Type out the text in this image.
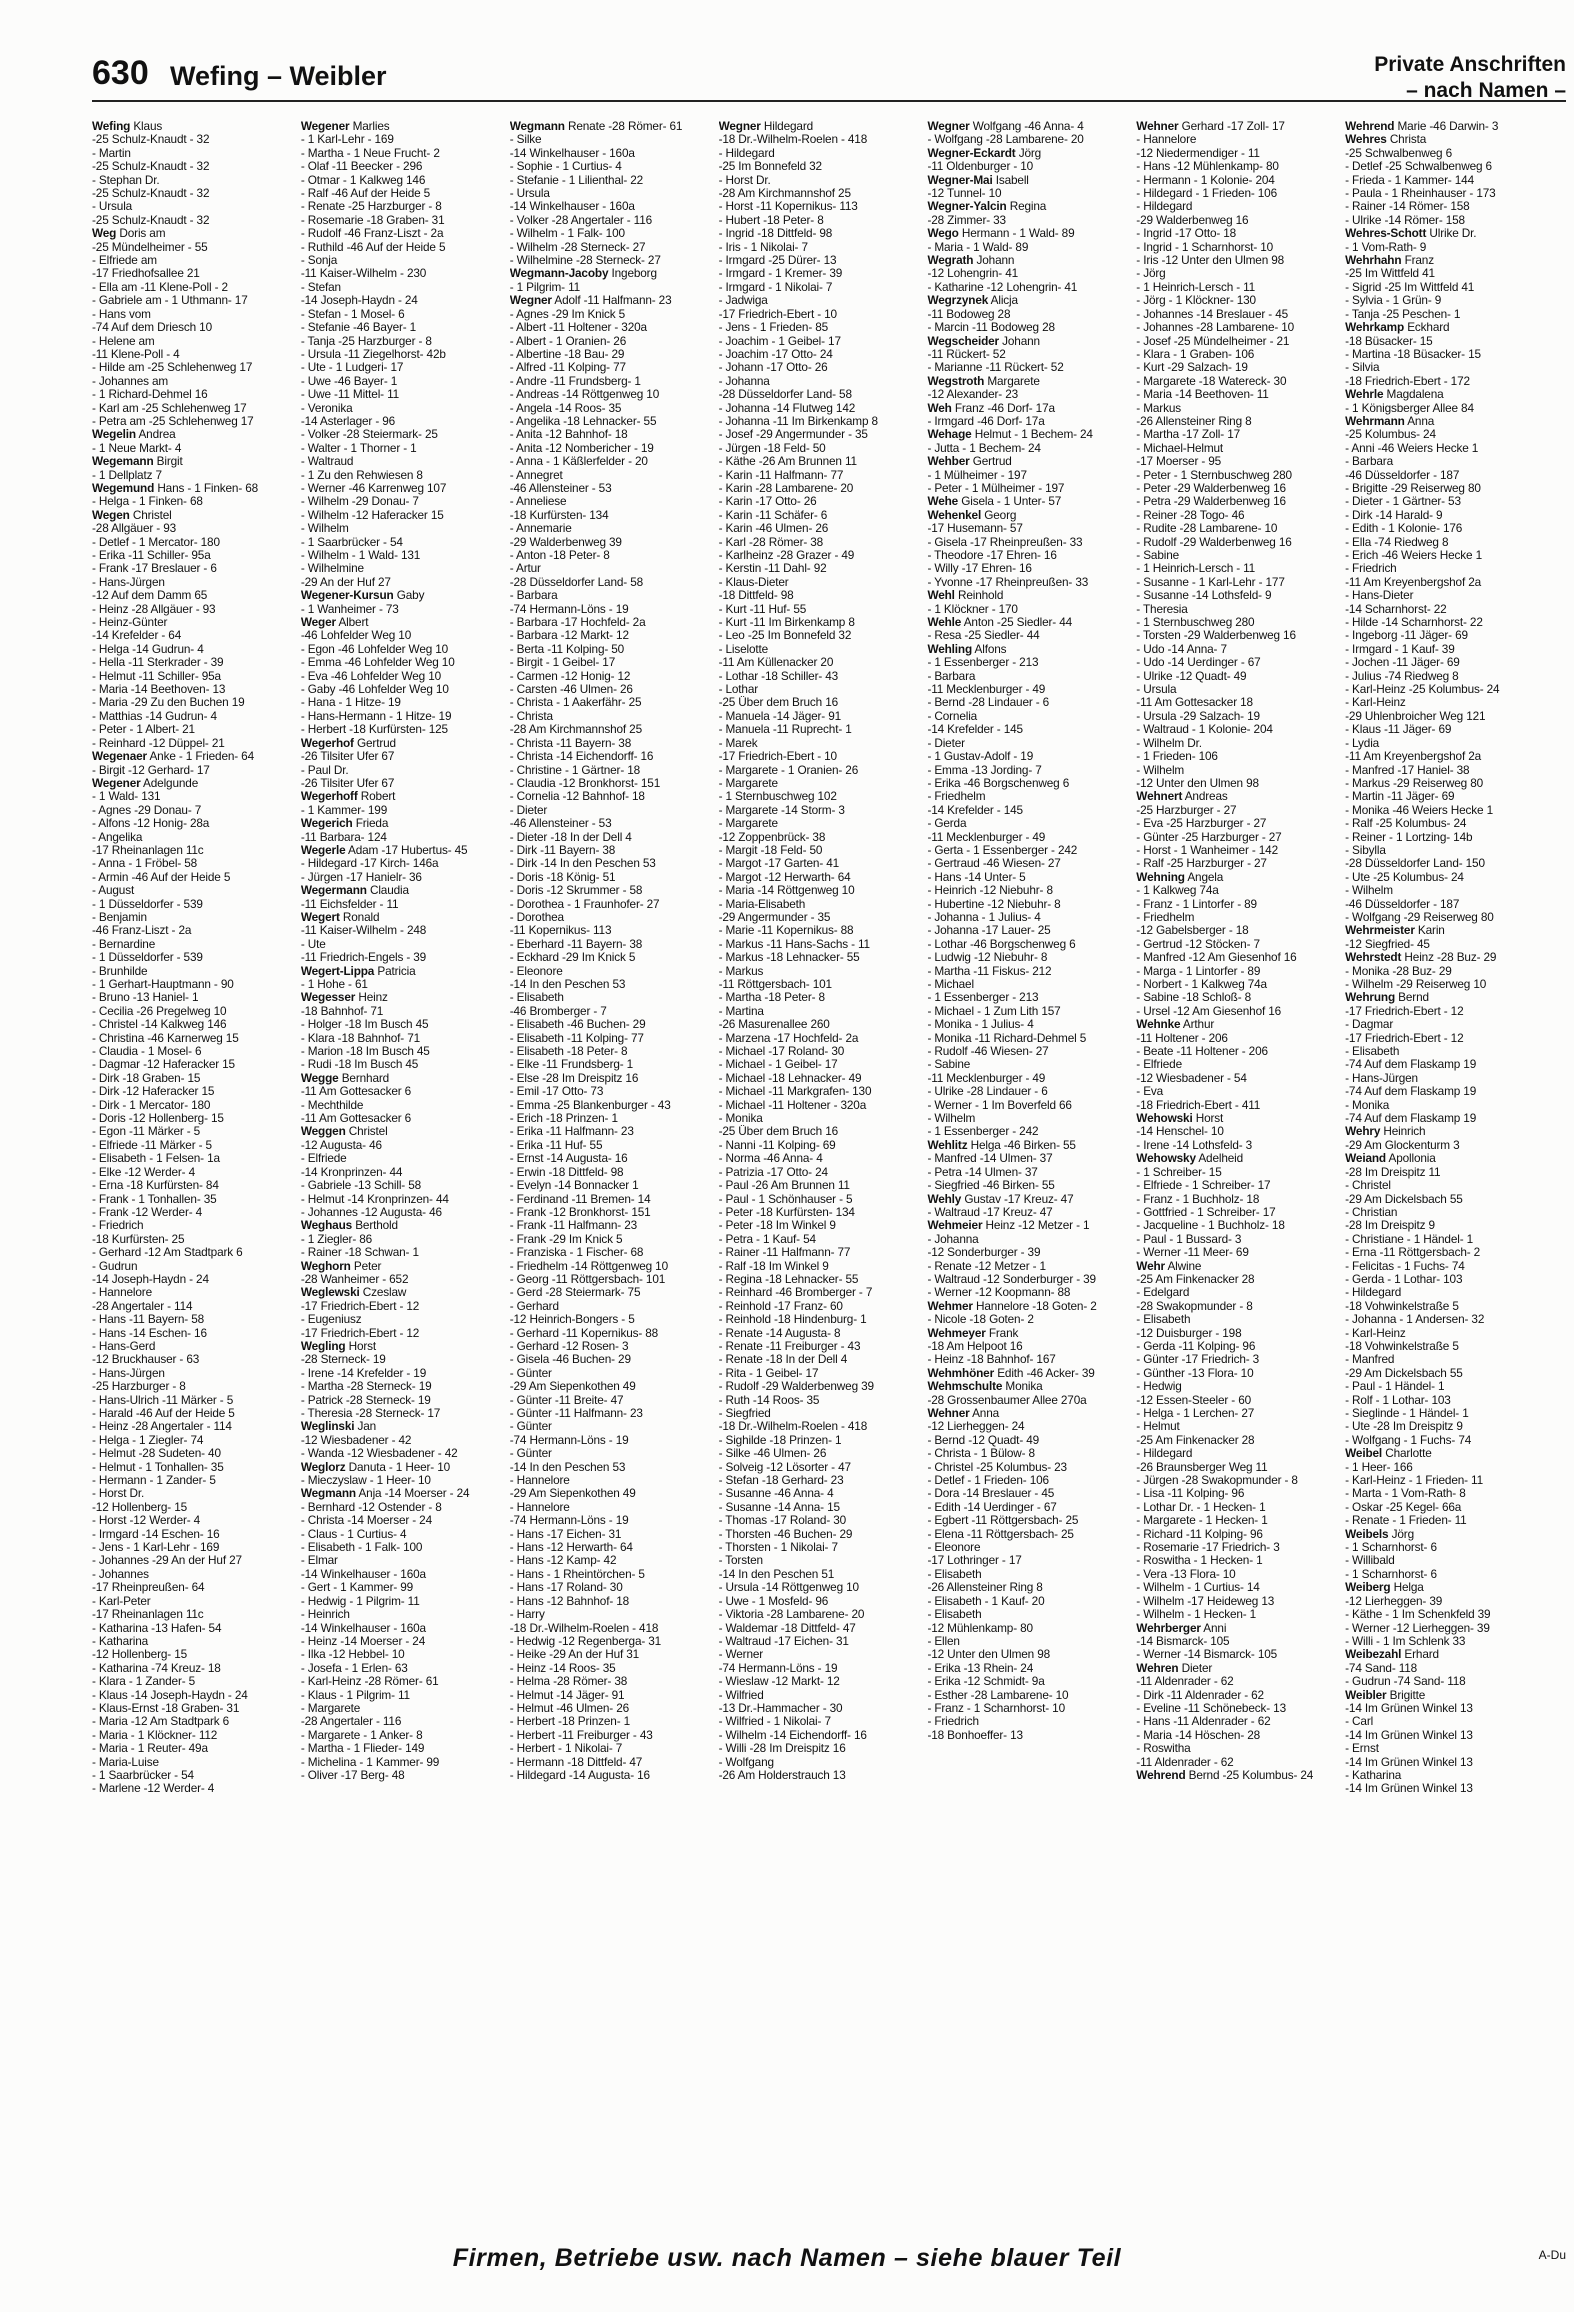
630 Wefing – Weibler	Private Anschriften
– nach Namen –
Wefing Klaus
-25 Schulz-Knaudt - 32
- Martin
-25 Schulz-Knaudt - 32
- Stephan Dr.
-25 Schulz-Knaudt - 32
- Ursula
-25 Schulz-Knaudt - 32
Weg Doris am
-25 Mündelheimer - 55
- Elfriede am
-17 Friedhofsallee 21
- Ella am -11 Klene-Poll - 2
- Gabriele am - 1 Uthmann- 17
- Hans vom
-74 Auf dem Driesch 10
- Helene am
-11 Klene-Poll - 4
- Hilde am -25 Schlehenweg 17
- Johannes am
- 1 Richard-Dehmel 16
- Karl am -25 Schlehenweg 17
- Petra am -25 Schlehenweg 17
Wegelin Andrea
- 1 Neue Markt- 4
Wegemann Birgit
- 1 Dellplatz 7
Wegemund Hans - 1 Finken- 68
- Helga - 1 Finken- 68
Wegen Christel
-28 Allgäuer - 93
- Detlef - 1 Mercator- 180
- Erika -11 Schiller- 95a
- Frank -17 Breslauer - 6
- Hans-Jürgen
-12 Auf dem Damm 65
- Heinz -28 Allgäuer - 93
- Heinz-Günter
-14 Krefelder - 64
- Helga -14 Gudrun- 4
- Hella -11 Sterkrader - 39
- Helmut -11 Schiller- 95a
- Maria -14 Beethoven- 13
- Maria -29 Zu den Buchen 19
- Matthias -14 Gudrun- 4
- Peter - 1 Albert- 21
- Reinhard -12 Düppel- 21
Wegenaer Anke - 1 Frieden- 64
- Birgit -12 Gerhard- 17
Wegener Adelgunde
- 1 Wald- 131
- Agnes -29 Donau- 7
- Alfons -12 Honig- 28a
- Angelika
-17 Rheinanlagen 11c
- Anna - 1 Fröbel- 58
- Armin -46 Auf der Heide 5
- August
- 1 Düsseldorfer - 539
- Benjamin
-46 Franz-Liszt - 2a
- Bernardine
- 1 Düsseldorfer - 539
- Brunhilde
- 1 Gerhart-Hauptmann - 90
- Bruno -13 Haniel- 1
- Cecilia -26 Pregelweg 10
- Christel -14 Kalkweg 146
- Christina -46 Karnerweg 15
- Claudia - 1 Mosel- 6
- Dagmar -12 Haferacker 15
- Dirk -18 Graben- 15
- Dirk -12 Haferacker 15
- Dirk - 1 Mercator- 180
- Doris -12 Hollenberg- 15
- Egon -11 Märker - 5
- Elfriede -11 Märker - 5
- Elisabeth - 1 Felsen- 1a
- Elke -12 Werder- 4
- Erna -18 Kurfürsten- 84
- Frank - 1 Tonhallen- 35
- Frank -12 Werder- 4
- Friedrich
-18 Kurfürsten- 25
- Gerhard -12 Am Stadtpark 6
- Gudrun
-14 Joseph-Haydn - 24
- Hannelore
-28 Angertaler - 114
- Hans -11 Bayern- 58
- Hans -14 Eschen- 16
- Hans-Gerd
-12 Bruckhauser - 63
- Hans-Jürgen
-25 Harzburger - 8
- Hans-Ulrich -11 Märker - 5
- Harald -46 Auf der Heide 5
- Heinz -28 Angertaler - 114
- Helga - 1 Ziegler- 74
- Helmut -28 Sudeten- 40
- Helmut - 1 Tonhallen- 35
- Hermann - 1 Zander- 5
- Horst Dr.
-12 Hollenberg- 15
- Horst -12 Werder- 4
- Irmgard -14 Eschen- 16
- Jens - 1 Karl-Lehr - 169
- Johannes -29 An der Huf 27
- Johannes
-17 Rheinpreußen- 64
- Karl-Peter
-17 Rheinanlagen 11c
- Katharina -13 Hafen- 54
- Katharina
-12 Hollenberg- 15
- Katharina -74 Kreuz- 18
- Klara - 1 Zander- 5
- Klaus -14 Joseph-Haydn - 24
- Klaus-Ernst -18 Graben- 31
- Maria -12 Am Stadtpark 6
- Maria - 1 Klöckner- 112
- Maria - 1 Reuter- 49a
- Maria-Luise
- 1 Saarbrücker - 54
- Marlene -12 Werder- 4
Wegener Marlies
- 1 Karl-Lehr - 169
- Martha - 1 Neue Frucht- 2
- Olaf -11 Beecker - 296
- Otmar - 1 Kalkweg 146
- Ralf -46 Auf der Heide 5
- Renate -25 Harzburger - 8
- Rosemarie -18 Graben- 31
- Rudolf -46 Franz-Liszt - 2a
- Ruthild -46 Auf der Heide 5
- Sonja
-11 Kaiser-Wilhelm - 230
- Stefan
-14 Joseph-Haydn - 24
- Stefan - 1 Mosel- 6
- Stefanie -46 Bayer- 1
- Tanja -25 Harzburger - 8
- Ursula -11 Ziegelhorst- 42b
- Ute - 1 Ludgeri- 17
- Uwe -46 Bayer- 1
- Uwe -11 Mittel- 11
- Veronika
-14 Asterlager - 96
- Volker -28 Steiermark- 25
- Walter - 1 Thorner - 1
- Waltraud
- 1 Zu den Rehwiesen 8
- Werner -46 Karrenweg 107
- Wilhelm -29 Donau- 7
- Wilhelm -12 Haferacker 15
- Wilhelm
- 1 Saarbrücker - 54
- Wilhelm - 1 Wald- 131
- Wilhelmine
-29 An der Huf 27
Wegener-Kursun Gaby
- 1 Wanheimer - 73
Weger Albert
-46 Lohfelder Weg 10
- Egon -46 Lohfelder Weg 10
- Emma -46 Lohfelder Weg 10
- Eva -46 Lohfelder Weg 10
- Gaby -46 Lohfelder Weg 10
- Hana - 1 Hitze- 19
- Hans-Hermann - 1 Hitze- 19
- Herbert -18 Kurfürsten- 125
Wegerhof Gertrud
-26 Tilsiter Ufer 67
- Paul Dr.
-26 Tilsiter Ufer 67
Wegerhoff Robert
- 1 Kammer- 199
Wegerich Frieda
-11 Barbara- 124
Wegerle Adam -17 Hubertus- 45
- Hildegard -17 Kirch- 146a
- Jürgen -17 Hanielr- 36
Wegermann Claudia
-11 Eichsfelder - 11
Wegert Ronald
-11 Kaiser-Wilhelm - 248
- Ute
-11 Friedrich-Engels - 39
Wegert-Lippa Patricia
- 1 Hohe - 61
Wegesser Heinz
-18 Bahnhof- 71
- Holger -18 Im Busch 45
- Klara -18 Bahnhof- 71
- Marion -18 Im Busch 45
- Rudi -18 Im Busch 45
Wegge Bernhard
-11 Am Gottesacker 6
- Mechthilde
-11 Am Gottesacker 6
Weggen Christel
-12 Augusta- 46
- Elfriede
-14 Kronprinzen- 44
- Gabriele -13 Schill- 58
- Helmut -14 Kronprinzen- 44
- Johannes -12 Augusta- 46
Weghaus Berthold
- 1 Ziegler- 86
- Rainer -18 Schwan- 1
Weghorn Peter
-28 Wanheimer - 652
Weglewski Czeslaw
-17 Friedrich-Ebert - 12
- Eugeniusz
-17 Friedrich-Ebert - 12
Wegling Horst
-28 Sterneck- 19
- Irene -14 Krefelder - 19
- Martha -28 Sterneck- 19
- Patrick -28 Sterneck- 19
- Theresia -28 Sterneck- 17
Weglinski Jan
-12 Wiesbadener - 42
- Wanda -12 Wiesbadener - 42
Weglorz Danuta - 1 Heer- 10
- Mieczyslaw - 1 Heer- 10
Wegmann Anja -14 Moerser - 24
- Bernhard -12 Ostender - 8
- Christa -14 Moerser - 24
- Claus - 1 Curtius- 4
- Elisabeth - 1 Falk- 100
- Elmar
-14 Winkelhauser - 160a
- Gert - 1 Kammer- 99
- Hedwig - 1 Pilgrim- 11
- Heinrich
-14 Winkelhauser - 160a
- Heinz -14 Moerser - 24
- Ilka -12 Hebbel- 10
- Josefa - 1 Erlen- 63
- Karl-Heinz -28 Römer- 61
- Klaus - 1 Pilgrim- 11
- Margarete
-28 Angertaler - 116
- Margarete - 1 Anker- 8
- Martha - 1 Flieder- 149
- Michelina - 1 Kammer- 99
- Oliver -17 Berg- 48
Wegmann Renate -28 Römer- 61
- Silke
-14 Winkelhauser - 160a
- Sophie - 1 Curtius- 4
- Stefanie - 1 Lilienthal- 22
- Ursula
-14 Winkelhauser - 160a
- Volker -28 Angertaler - 116
- Wilhelm - 1 Falk- 100
- Wilhelm -28 Sterneck- 27
- Wilhelmine -28 Sterneck- 27
Wegmann-Jacoby Ingeborg
- 1 Pilgrim- 11
Wegner Adolf -11 Halfmann- 23
- Agnes -29 Im Knick 5
- Albert -11 Holtener - 320a
- Albert - 1 Oranien- 26
- Albertine -18 Bau- 29
- Alfred -11 Kolping- 77
- Andre -11 Frundsberg- 1
- Andreas -14 Röttgenweg 10
- Angela -14 Roos- 35
- Angelika -18 Lehnacker- 55
- Anita -12 Bahnhof- 18
- Anita -12 Nombericher - 19
- Anna - 1 Käßlerfelder - 20
- Annegret
-46 Allensteiner - 53
- Anneliese
-18 Kurfürsten- 134
- Annemarie
-29 Walderbenweg 39
- Anton -18 Peter- 8
- Artur
-28 Düsseldorfer Land- 58
- Barbara
-74 Hermann-Löns - 19
- Barbara -17 Hochfeld- 2a
- Barbara -12 Markt- 12
- Berta -11 Kolping- 50
- Birgit - 1 Geibel- 17
- Carmen -12 Honig- 12
- Carsten -46 Ulmen- 26
- Christa - 1 Aakerfähr- 25
- Christa
-28 Am Kirchmannshof 25
- Christa -11 Bayern- 38
- Christa -14 Eichendorff- 16
- Christine - 1 Gärtner- 18
- Claudia -12 Bronkhorst- 151
- Cornelia -12 Bahnhof- 18
- Dieter
-46 Allensteiner - 53
- Dieter -18 In der Dell 4
- Dirk -11 Bayern- 38
- Dirk -14 In den Peschen 53
- Doris -18 König- 51
- Doris -12 Skrummer - 58
- Dorothea - 1 Fraunhofer- 27
- Dorothea
-11 Kopernikus- 113
- Eberhard -11 Bayern- 38
- Eckhard -29 Im Knick 5
- Eleonore
-14 In den Peschen 53
- Elisabeth
-46 Bromberger - 7
- Elisabeth -46 Buchen- 29
- Elisabeth -11 Kolping- 77
- Elisabeth -18 Peter- 8
- Elke -11 Frundsberg- 1
- Else -28 Im Dreispitz 16
- Emil -17 Otto- 73
- Emma -25 Blankenburger - 43
- Erich -18 Prinzen- 1
- Erika -11 Halfmann- 23
- Erika -11 Huf- 55
- Ernst -14 Augusta- 16
- Erwin -18 Dittfeld- 98
- Evelyn -14 Bonnacker 1
- Ferdinand -11 Bremen- 14
- Frank -12 Bronkhorst- 151
- Frank -11 Halfmann- 23
- Frank -29 Im Knick 5
- Franziska - 1 Fischer- 68
- Friedhelm -14 Röttgenweg 10
- Georg -11 Röttgersbach- 101
- Gerd -28 Steiermark- 75
- Gerhard
-12 Heinrich-Bongers - 5
- Gerhard -11 Kopernikus- 88
- Gerhard -12 Rosen- 3
- Gisela -46 Buchen- 29
- Günter
-29 Am Siepenkothen 49
- Günter -11 Breite- 47
- Günter -11 Halfmann- 23
- Günter
-74 Hermann-Löns - 19
- Günter
-14 In den Peschen 53
- Hannelore
-29 Am Siepenkothen 49
- Hannelore
-74 Hermann-Löns - 19
- Hans -17 Eichen- 31
- Hans -12 Herwarth- 64
- Hans -12 Kamp- 42
- Hans - 1 Rheintörchen- 5
- Hans -17 Roland- 30
- Hans -12 Bahnhof- 18
- Harry
-18 Dr.-Wilhelm-Roelen - 418
- Hedwig -12 Regenberga- 31
- Heike -29 An der Huf 31
- Heinz -14 Roos- 35
- Helma -28 Römer- 38
- Helmut -14 Jäger- 91
- Helmut -46 Ulmen- 26
- Herbert -18 Prinzen- 1
- Herbert -11 Freiburger - 43
- Herbert - 1 Nikolai- 7
- Hermann -18 Dittfeld- 47
- Hildegard -14 Augusta- 16
Wegner Hildegard
-18 Dr.-Wilhelm-Roelen - 418
- Hildegard
-25 Im Bonnefeld 32
- Horst Dr.
-28 Am Kirchmannshof 25
- Horst -11 Kopernikus- 113
- Hubert -18 Peter- 8
- Ingrid -18 Dittfeld- 98
- Iris - 1 Nikolai- 7
- Irmgard -25 Dürer- 13
- Irmgard - 1 Kremer- 39
- Irmgard - 1 Nikolai- 7
- Jadwiga
-17 Friedrich-Ebert - 10
- Jens - 1 Frieden- 85
- Joachim - 1 Geibel- 17
- Joachim -17 Otto- 24
- Johann -17 Otto- 26
- Johanna
-28 Düsseldorfer Land- 58
- Johanna -14 Flutweg 142
- Johanna -11 Im Birkenkamp 8
- Josef -29 Angermunder - 35
- Jürgen -18 Feld- 50
- Käthe -26 Am Brunnen 11
- Karin -11 Halfmann- 77
- Karin -28 Lambarene- 20
- Karin -17 Otto- 26
- Karin -11 Schäfer- 6
- Karin -46 Ulmen- 26
- Karl -28 Römer- 38
- Karlheinz -28 Grazer - 49
- Kerstin -11 Dahl- 92
- Klaus-Dieter
-18 Dittfeld- 98
- Kurt -11 Huf- 55
- Kurt -11 Im Birkenkamp 8
- Leo -25 Im Bonnefeld 32
- Liselotte
-11 Am Küllenacker 20
- Lothar -18 Schiller- 43
- Lothar
-25 Über dem Bruch 16
- Manuela -14 Jäger- 91
- Manuela -11 Ruprecht- 1
- Marek
-17 Friedrich-Ebert - 10
- Margarete - 1 Oranien- 26
- Margarete
- 1 Sternbuschweg 102
- Margarete -14 Storm- 3
- Margarete
-12 Zoppenbrück- 38
- Margit -18 Feld- 50
- Margot -17 Garten- 41
- Margot -12 Herwarth- 64
- Maria -14 Röttgenweg 10
- Maria-Elisabeth
-29 Angermunder - 35
- Marie -11 Kopernikus- 88
- Markus -11 Hans-Sachs - 11
- Markus -18 Lehnacker- 55
- Markus
-11 Röttgersbach- 101
- Martha -18 Peter- 8
- Martina
-26 Masurenallee 260
- Marzena -17 Hochfeld- 2a
- Michael -17 Roland- 30
- Michael - 1 Geibel- 17
- Michael -18 Lehnacker- 49
- Michael -11 Markgrafen- 130
- Michael -11 Holtener - 320a
- Monika
-25 Über dem Bruch 16
- Nanni -11 Kolping- 69
- Norma -46 Anna- 4
- Patrizia -17 Otto- 24
- Paul -26 Am Brunnen 11
- Paul - 1 Schönhauser - 5
- Peter -18 Kurfürsten- 134
- Peter -18 Im Winkel 9
- Petra - 1 Kauf- 54
- Rainer -11 Halfmann- 77
- Ralf -18 Im Winkel 9
- Regina -18 Lehnacker- 55
- Reinhard -46 Bromberger - 7
- Reinhold -17 Franz- 60
- Reinhold -18 Hindenburg- 1
- Renate -14 Augusta- 8
- Renate -11 Freiburger - 43
- Renate -18 In der Dell 4
- Rita - 1 Geibel- 17
- Rudolf -29 Walderbenweg 39
- Ruth -14 Roos- 35
- Siegfried
-18 Dr.-Wilhelm-Roelen - 418
- Sighilde -18 Prinzen- 1
- Silke -46 Ulmen- 26
- Solveig -12 Lösorter - 47
- Stefan -18 Gerhard- 23
- Susanne -46 Anna- 4
- Susanne -14 Anna- 15
- Thomas -17 Roland- 30
- Thorsten -46 Buchen- 29
- Thorsten - 1 Nikolai- 7
- Torsten
-14 In den Peschen 51
- Ursula -14 Röttgenweg 10
- Uwe - 1 Mosfeld- 96
- Viktoria -28 Lambarene- 20
- Waldemar -18 Dittfeld- 47
- Waltraud -17 Eichen- 31
- Werner
-74 Hermann-Löns - 19
- Wieslaw -12 Markt- 12
- Wilfried
-13 Dr.-Hammacher - 30
- Wilfried - 1 Nikolai- 7
- Wilhelm -14 Eichendorff- 16
- Willi -28 Im Dreispitz 16
- Wolfgang
-26 Am Holderstrauch 13
Wegner Wolfgang -46 Anna- 4
- Wolfgang -28 Lambarene- 20
Wegner-Eckardt Jörg
-11 Oldenburger - 10
Wegner-Mai Isabell
-12 Tunnel- 10
Wegner-Yalcin Regina
-28 Zimmer- 33
Wego Hermann - 1 Wald- 89
- Maria - 1 Wald- 89
Wegrath Johann
-12 Lohengrin- 41
- Katharine -12 Lohengrin- 41
Wegrzynek Alicja
-11 Bodoweg 28
- Marcin -11 Bodoweg 28
Wegscheider Johann
-11 Rückert- 52
- Marianne -11 Rückert- 52
Wegstroth Margarete
-12 Alexander- 23
Weh Franz -46 Dorf- 17a
- Irmgard -46 Dorf- 17a
Wehage Helmut - 1 Bechem- 24
- Jutta - 1 Bechem- 24
Wehber Gertrud
- 1 Mülheimer - 197
- Peter - 1 Mülheimer - 197
Wehe Gisela - 1 Unter- 57
Wehenkel Georg
-17 Husemann- 57
- Gisela -17 Rheinpreußen- 33
- Theodore -17 Ehren- 16
- Willy -17 Ehren- 16
- Yvonne -17 Rheinpreußen- 33
Wehl Reinhold
- 1 Klöckner - 170
Wehle Anton -25 Siedler- 44
- Resa -25 Siedler- 44
Wehling Alfons
- 1 Essenberger - 213
- Barbara
-11 Mecklenburger - 49
- Bernd -28 Lindauer - 6
- Cornelia
-14 Krefelder - 145
- Dieter
- 1 Gustav-Adolf - 19
- Emma -13 Jording- 7
- Erika -46 Borgschenweg 6
- Friedhelm
-14 Krefelder - 145
- Gerda
-11 Mecklenburger - 49
- Gerta - 1 Essenberger - 242
- Gertraud -46 Wiesen- 27
- Hans -14 Unter- 5
- Heinrich -12 Niebuhr- 8
- Hubertine -12 Niebuhr- 8
- Johanna - 1 Julius- 4
- Johanna -17 Lauer- 25
- Lothar -46 Borgschenweg 6
- Ludwig -12 Niebuhr- 8
- Martha -11 Fiskus- 212
- Michael
- 1 Essenberger - 213
- Michael - 1 Zum Lith 157
- Monika - 1 Julius- 4
- Monika -11 Richard-Dehmel 5
- Rudolf -46 Wiesen- 27
- Sabine
-11 Mecklenburger - 49
- Ulrike -28 Lindauer - 6
- Werner - 1 Im Boverfeld 66
- Wilhelm
- 1 Essenberger - 242
Wehlitz Helga -46 Birken- 55
- Manfred -14 Ulmen- 37
- Petra -14 Ulmen- 37
- Siegfried -46 Birken- 55
Wehly Gustav -17 Kreuz- 47
- Waltraud -17 Kreuz- 47
Wehmeier Heinz -12 Metzer - 1
- Johanna
-12 Sonderburger - 39
- Renate -12 Metzer - 1
- Waltraud -12 Sonderburger - 39
- Werner -12 Koopmann- 88
Wehmer Hannelore -18 Goten- 2
- Nicole -18 Goten- 2
Wehmeyer Frank
-18 Am Helpoot 16
- Heinz -18 Bahnhof- 167
Wehmhöner Edith -46 Acker- 39
Wehmschulte Monika
-28 Grossenbaumer Allee 270a
Wehner Anna
-12 Lierheggen- 24
- Bernd -12 Quadt- 49
- Christa - 1 Bülow- 8
- Christel -25 Kolumbus- 23
- Detlef - 1 Frieden- 106
- Dora -14 Breslauer - 45
- Edith -14 Uerdinger - 67
- Egbert -11 Röttgersbach- 25
- Elena -11 Röttgersbach- 25
- Eleonore
-17 Lothringer - 17
- Elisabeth
-26 Allensteiner Ring 8
- Elisabeth - 1 Kauf- 20
- Elisabeth
-12 Mühlenkamp- 80
- Ellen
-12 Unter den Ulmen 98
- Erika -13 Rhein- 24
- Erika -12 Schmidt- 9a
- Esther -28 Lambarene- 10
- Franz - 1 Scharnhorst- 10
- Friedrich
-18 Bonhoeffer- 13
Wehner Gerhard -17 Zoll- 17
- Hannelore
-12 Niedermendiger - 11
- Hans -12 Mühlenkamp- 80
- Hermann - 1 Kolonie- 204
- Hildegard - 1 Frieden- 106
- Hildegard
-29 Walderbenweg 16
- Ingrid -17 Otto- 18
- Ingrid - 1 Scharnhorst- 10
- Iris -12 Unter den Ulmen 98
- Jörg
- 1 Heinrich-Lersch - 11
- Jörg - 1 Klöckner- 130
- Johannes -14 Breslauer - 45
- Johannes -28 Lambarene- 10
- Josef -25 Mündelheimer - 21
- Klara - 1 Graben- 106
- Kurt -29 Salzach- 19
- Margarete -18 Watereck- 30
- Maria -14 Beethoven- 11
- Markus
-26 Allensteiner Ring 8
- Martha -17 Zoll- 17
- Michael-Helmut
-17 Moerser - 95
- Peter - 1 Sternbuschweg 280
- Peter -29 Walderbenweg 16
- Petra -29 Walderbenweg 16
- Reiner -28 Togo- 46
- Rudite -28 Lambarene- 10
- Rudolf -29 Walderbenweg 16
- Sabine
- 1 Heinrich-Lersch - 11
- Susanne - 1 Karl-Lehr - 177
- Susanne -14 Lothsfeld- 9
- Theresia
- 1 Sternbuschweg 280
- Torsten -29 Walderbenweg 16
- Udo -14 Anna- 7
- Udo -14 Uerdinger - 67
- Ulrike -12 Quadt- 49
- Ursula
-11 Am Gottesacker 18
- Ursula -29 Salzach- 19
- Waltraud - 1 Kolonie- 204
- Wilhelm Dr.
- 1 Frieden- 106
- Wilhelm
-12 Unter den Ulmen 98
Wehnert Andreas
-25 Harzburger - 27
- Eva -25 Harzburger - 27
- Günter -25 Harzburger - 27
- Horst - 1 Wanheimer - 142
- Ralf -25 Harzburger - 27
Wehning Angela
- 1 Kalkweg 74a
- Franz - 1 Lintorfer - 89
- Friedhelm
-12 Gabelsberger - 18
- Gertrud -12 Stöcken- 7
- Manfred -12 Am Giesenhof 16
- Marga - 1 Lintorfer - 89
- Norbert - 1 Kalkweg 74a
- Sabine -18 Schloß- 8
- Ursel -12 Am Giesenhof 16
Wehnke Arthur
-11 Holtener - 206
- Beate -11 Holtener - 206
- Elfriede
-12 Wiesbadener - 54
- Eva
-18 Friedrich-Ebert - 411
Wehowski Horst
-14 Henschel- 10
- Irene -14 Lothsfeld- 3
Wehowsky Adelheid
- 1 Schreiber- 15
- Elfriede - 1 Schreiber- 17
- Franz - 1 Buchholz- 18
- Gottfried - 1 Schreiber- 17
- Jacqueline - 1 Buchholz- 18
- Paul - 1 Bussard- 3
- Werner -11 Meer- 69
Wehr Alwine
-25 Am Finkenacker 28
- Edelgard
-28 Swakopmunder - 8
- Elisabeth
-12 Duisburger - 198
- Gerda -11 Kolping- 96
- Günter -17 Friedrich- 3
- Günther -13 Flora- 10
- Hedwig
-12 Essen-Steeler - 60
- Helga - 1 Lerchen- 27
- Helmut
-25 Am Finkenacker 28
- Hildegard
-26 Braunsberger Weg 11
- Jürgen -28 Swakopmunder - 8
- Lisa -11 Kolping- 96
- Lothar Dr. - 1 Hecken- 1
- Margarete - 1 Hecken- 1
- Richard -11 Kolping- 96
- Rosemarie -17 Friedrich- 3
- Roswitha - 1 Hecken- 1
- Vera -13 Flora- 10
- Wilhelm - 1 Curtius- 14
- Wilhelm -17 Heideweg 13
- Wilhelm - 1 Hecken- 1
Wehrberger Anni
-14 Bismarck- 105
- Werner -14 Bismarck- 105
Wehren Dieter
-11 Aldenrader - 62
- Dirk -11 Aldenrader - 62
- Eveline -11 Schönebeck- 13
- Hans -11 Aldenrader - 62
- Maria -14 Höschen- 28
- Roswitha
-11 Aldenrader - 62
Wehrend Bernd -25 Kolumbus- 24
Wehrend Marie -46 Darwin- 3
Wehres Christa
-25 Schwalbenweg 6
- Detlef -25 Schwalbenweg 6
- Frieda - 1 Kammer- 144
- Paula - 1 Rheinhauser - 173
- Rainer -14 Römer- 158
- Ulrike -14 Römer- 158
Wehres-Schott Ulrike Dr.
- 1 Vom-Rath- 9
Wehrhahn Franz
-25 Im Wittfeld 41
- Sigrid -25 Im Wittfeld 41
- Sylvia - 1 Grün- 9
- Tanja -25 Peschen- 1
Wehrkamp Eckhard
-18 Büsacker- 15
- Martina -18 Büsacker- 15
- Silvia
-18 Friedrich-Ebert - 172
Wehrle Magdalena
- 1 Königsberger Allee 84
Wehrmann Anna
-25 Kolumbus- 24
- Anni -46 Weiers Hecke 1
- Barbara
-46 Düsseldorfer - 187
- Brigitte -29 Reiserweg 80
- Dieter - 1 Gärtner- 53
- Dirk -14 Harald- 9
- Edith - 1 Kolonie- 176
- Ella -74 Riedweg 8
- Erich -46 Weiers Hecke 1
- Friedrich
-11 Am Kreyenbergshof 2a
- Hans-Dieter
-14 Scharnhorst- 22
- Hilde -14 Scharnhorst- 22
- Ingeborg -11 Jäger- 69
- Irmgard - 1 Kauf- 39
- Jochen -11 Jäger- 69
- Julius -74 Riedweg 8
- Karl-Heinz -25 Kolumbus- 24
- Karl-Heinz
-29 Uhlenbroicher Weg 121
- Klaus -11 Jäger- 69
- Lydia
-11 Am Kreyenbergshof 2a
- Manfred -17 Haniel- 38
- Markus -29 Reiserweg 80
- Martin -11 Jäger- 69
- Monika -46 Weiers Hecke 1
- Ralf -25 Kolumbus- 24
- Reiner - 1 Lortzing- 14b
- Sibylla
-28 Düsseldorfer Land- 150
- Ute -25 Kolumbus- 24
- Wilhelm
-46 Düsseldorfer - 187
- Wolfgang -29 Reiserweg 80
Wehrmeister Karin
-12 Siegfried- 45
Wehrstedt Heinz -28 Buz- 29
- Monika -28 Buz- 29
- Wilhelm -29 Reiserweg 10
Wehrung Bernd
-17 Friedrich-Ebert - 12
- Dagmar
-17 Friedrich-Ebert - 12
- Elisabeth
-74 Auf dem Flaskamp 19
- Hans-Jürgen
-74 Auf dem Flaskamp 19
- Monika
-74 Auf dem Flaskamp 19
Wehry Heinrich
-29 Am Glockenturm 3
Weiand Apollonia
-28 Im Dreispitz 11
- Christel
-29 Am Dickelsbach 55
- Christian
-28 Im Dreispitz 9
- Christiane - 1 Händel- 1
- Erna -11 Röttgersbach- 2
- Felicitas - 1 Fuchs- 74
- Gerda - 1 Lothar- 103
- Hildegard
-18 Vohwinkelstraße 5
- Johanna - 1 Andersen- 32
- Karl-Heinz
-18 Vohwinkelstraße 5
- Manfred
-29 Am Dickelsbach 55
- Paul - 1 Händel- 1
- Rolf - 1 Lothar- 103
- Sieglinde - 1 Händel- 1
- Ute -28 Im Dreispitz 9
- Wolfgang - 1 Fuchs- 74
Weibel Charlotte
- 1 Heer- 166
- Karl-Heinz - 1 Frieden- 11
- Marta - 1 Vom-Rath- 8
- Oskar -25 Kegel- 66a
- Renate - 1 Frieden- 11
Weibels Jörg
- 1 Scharnhorst- 6
- Willibald
- 1 Scharnhorst- 6
Weiberg Helga
-12 Lierheggen- 39
- Käthe - 1 Im Schenkfeld 39
- Werner -12 Lierheggen- 39
- Willi - 1 Im Schlenk 33
Weibezahl Erhard
-74 Sand- 118
- Gudrun -74 Sand- 118
Weibler Brigitte
-14 Im Grünen Winkel 13
- Carl
-14 Im Grünen Winkel 13
- Ernst
-14 Im Grünen Winkel 13
- Katharina
-14 Im Grünen Winkel 13
Firmen, Betriebe usw. nach Namen – siehe blauer Teil	A-Du
